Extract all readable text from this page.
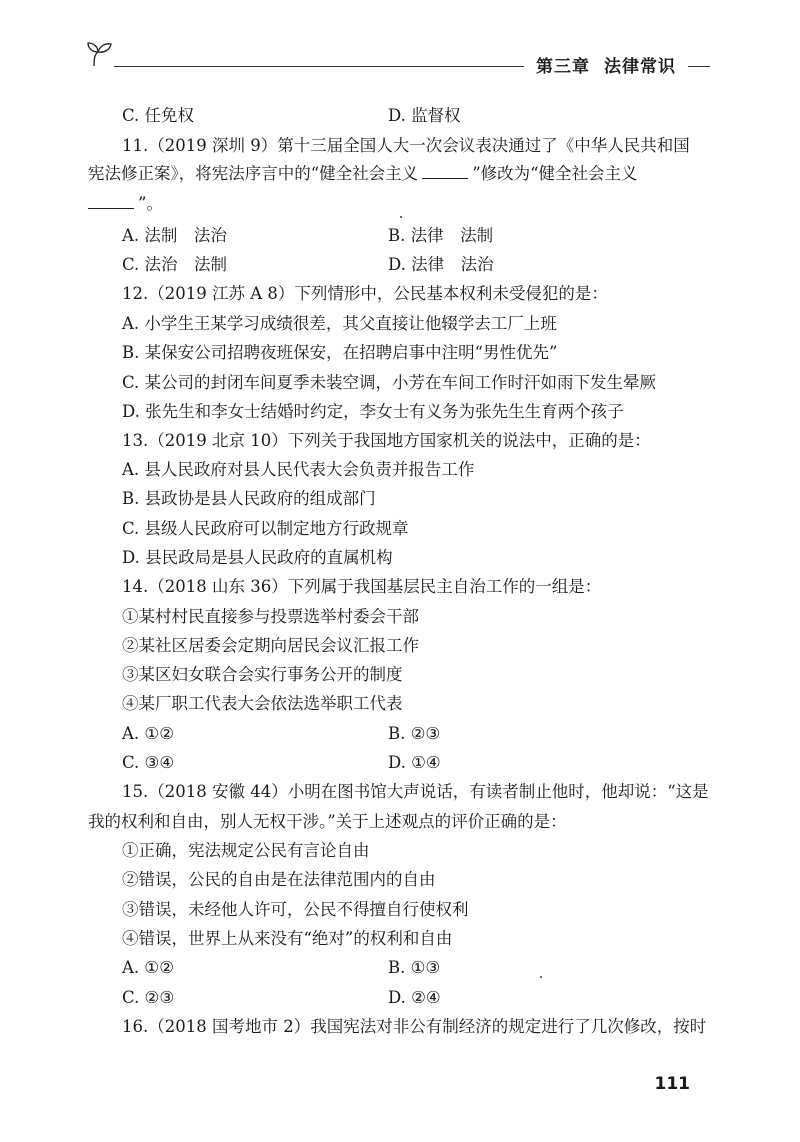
第三章 法律常识
C. 任免权	D. 监督权
11.（2019 深圳 9）第十三届全国人大一次会议表决通过了《中华人民共和国
宪法修正案》，将宪法序言中的“健全社会主义	”修改为“健全社会主义
”。
A. 法制　法治	B. 法律　法制
C. 法治　法制	D. 法律　法治
12.（2019 江苏 A 8）下列情形中，公民基本权利未受侵犯的是：
A. 小学生王某学习成绩很差，其父直接让他辍学去工厂上班
B. 某保安公司招聘夜班保安，在招聘启事中注明“男性优先”
C. 某公司的封闭车间夏季未装空调，小芳在车间工作时汗如雨下发生晕厥
D. 张先生和李女士结婚时约定，李女士有义务为张先生生育两个孩子
13.（2019 北京 10）下列关于我国地方国家机关的说法中，正确的是：
A. 县人民政府对县人民代表大会负责并报告工作
B. 县政协是县人民政府的组成部门
C. 县级人民政府可以制定地方行政规章
D. 县民政局是县人民政府的直属机构
14.（2018 山东 36）下列属于我国基层民主自治工作的一组是：
①某村村民直接参与投票选举村委会干部
②某社区居委会定期向居民会议汇报工作
③某区妇女联合会实行事务公开的制度
④某厂职工代表大会依法选举职工代表
A. ①②	B. ②③
C. ③④	D. ①④
15.（2018 安徽 44）小明在图书馆大声说话，有读者制止他时，他却说：“这是
我的权利和自由，别人无权干涉。”关于上述观点的评价正确的是：
①正确，宪法规定公民有言论自由
②错误，公民的自由是在法律范围内的自由
③错误，未经他人许可，公民不得擅自行使权利
④错误，世界上从来没有“绝对”的权利和自由
A. ①②	B. ①③
C. ②③	D. ②④
16.（2018 国考地市 2）我国宪法对非公有制经济的规定进行了几次修改，按时
111
